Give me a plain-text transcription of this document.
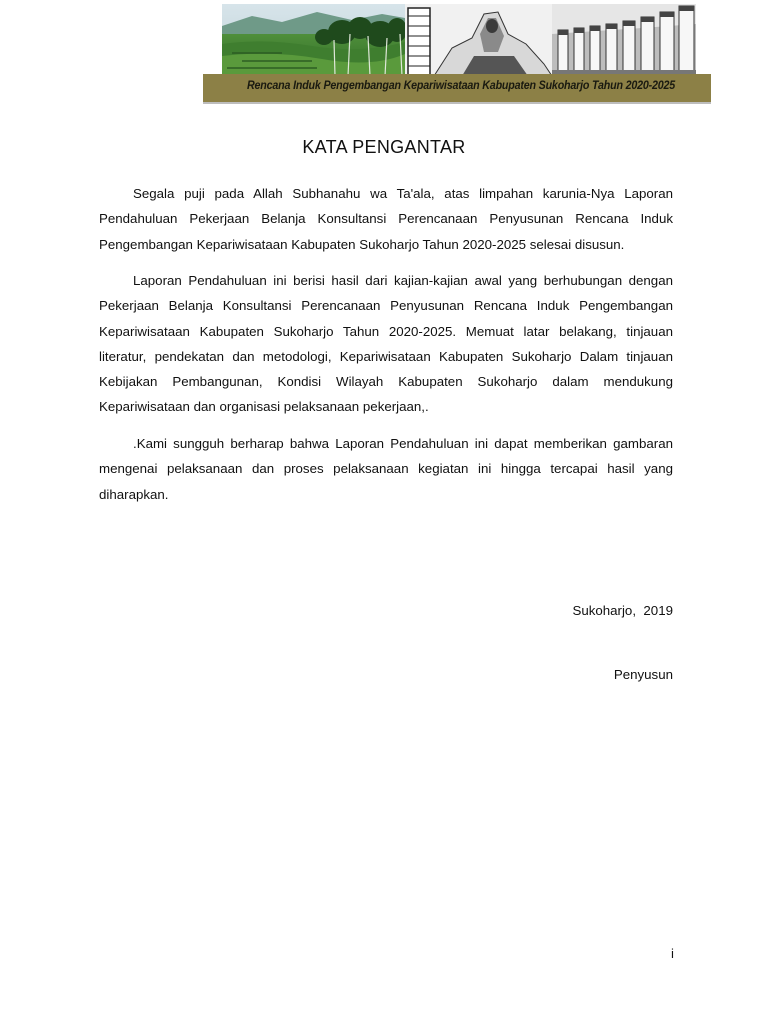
Rencana Induk Pengembangan Kepariwisataan Kabupaten Sukoharjo Tahun 2020-2025
KATA PENGANTAR

Segala puji pada Allah Subhanahu wa Ta'ala, atas limpahan karunia-Nya Laporan Pendahuluan Pekerjaan Belanja Konsultansi Perencanaan Penyusunan Rencana Induk Pengembangan Kepariwisataan Kabupaten Sukoharjo Tahun 2020-2025 selesai disusun.

Laporan Pendahuluan ini berisi hasil dari kajian-kajian awal yang berhubungan dengan Pekerjaan Belanja Konsultansi Perencanaan Penyusunan Rencana Induk Pengembangan Kepariwisataan Kabupaten Sukoharjo Tahun 2020-2025. Memuat latar belakang, tinjauan literatur, pendekatan dan metodologi, Kepariwisataan Kabupaten Sukoharjo Dalam tinjauan Kebijakan Pembangunan, Kondisi Wilayah Kabupaten Sukoharjo dalam mendukung Kepariwisataan dan organisasi pelaksanaan pekerjaan,.

.Kami sungguh berharap bahwa Laporan Pendahuluan ini dapat memberikan gambaran mengenai pelaksanaan dan proses pelaksanaan kegiatan ini hingga tercapai hasil yang diharapkan.

Sukoharjo,  2019
Penyusun
i
